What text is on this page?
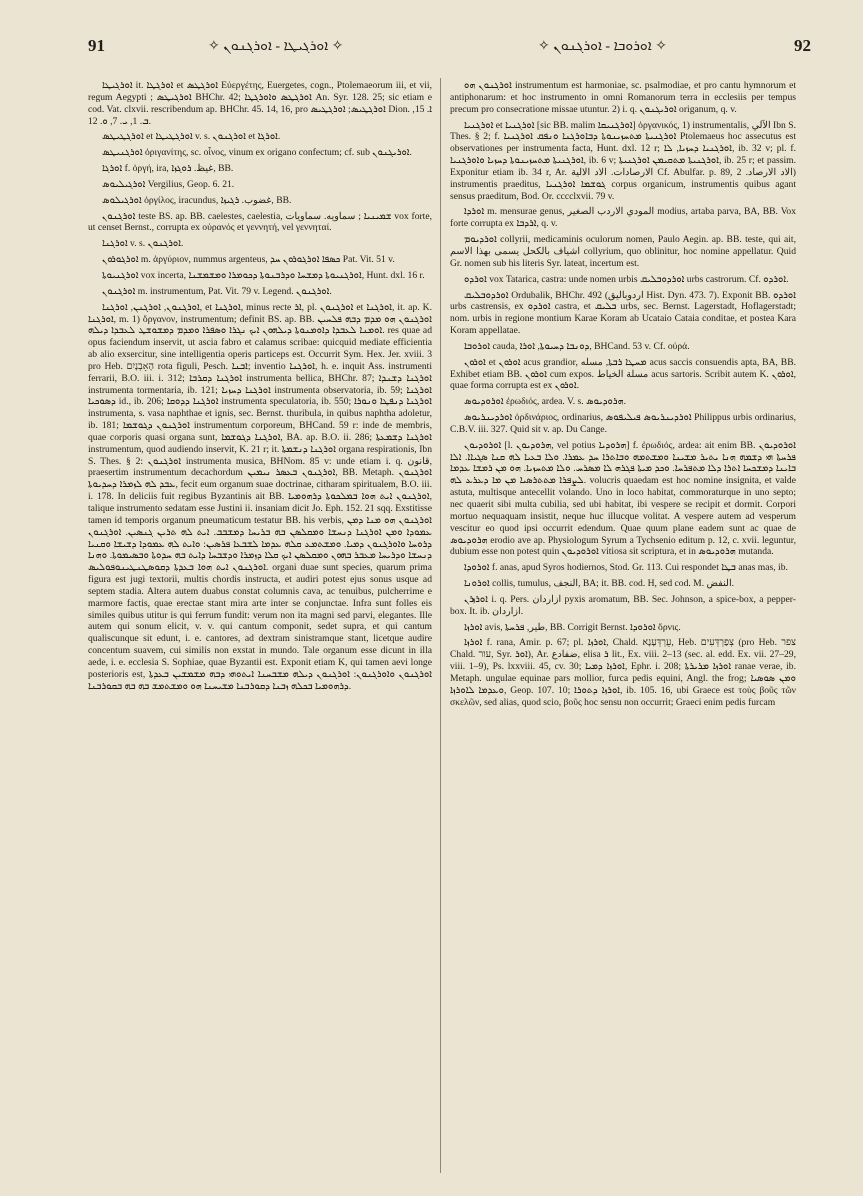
91	✧ ܐܘܪܓܝܛܐ - ܐܘܪܓܢܘܢ ✧	✧ ܐܘܪܘܒܐ - ܐܘܪܓܢܘܢ ✧	92

ܐܘܪܓܝܛܐ it. ܐܘܪܓܛܐ et ܐܘܪܓܛܣ Εὐεργέτης, Euergetes, cogn., Ptolemaeorum iii, et vii, regum Aegypti ; ܐܘܪܓܝܛܣ BHChr. 42; ܐܘܪܓܛܣ ܘܐܘܪܓܛܐ An. Syr. 128. 25; sic etiam e cod. Vat. clxvii. rescribendum ap. BHChr. 45. 14, 16, pro ܐܘܪܓܛܝܣ; ܐܘܪܓܛܝܣ Dion. ܐ. 15, ܒ. 1, ܝ. 7, ܘ. 12.

ܐܘܪܓܛܝܛܣ et ܐܘܪܓܛܝܛܐ v. s. ܐܘܪܓܢܘܢ et ܐܘܪܓܐ.

ܐܘܪܓܢܝܛܣ ὀριγανίτης, sc. οἶνος, vinum ex origano confectum; cf. sub ܐܘܪܝܓܢܘܢ.

ܐܘܪܓܐ f. ὀργή, ira, غيظ. ܪܘܓܙܐ, BB.

ܐܘܪܓܝܠܝܘܣ Vergilius, Geop. 6. 21.

ܐܘܪܓܝܠܘܣ ὀργίλος, iracundus, غضوب. ܪܓܝܙܐ, BB.

ܐܘܪܓܢܘܢ teste BS. ap. BB. caelestes, caelestia, ܫܡܝܢܝܐ ; سماويه. سماويات vox forte, ut censet Bernst., corrupta ex οὐρανός et γεννητή, vel γεννηταί.

ܐܘܪܓܢܐ v. s. ܐܘܪܓܢܘܢ.

ܐܘܪܓܘܪܘܢ m. ἀργύριον, nummus argenteus, ܟܣܦܐ ܐܘܪܓܘܪܘܢ ܚܕ Pat. Vit. 51 v.

ܐܘܪܓܢܝܘܬܐ vox incerta, ܐܘܪܓܢܝܘܬܐ ܕܡܫܚܐ ܘܕܪܒܢܘܬܐ ܕܟܘܡܪܐ ܘܡܫܡܫܢܐ, Hunt. dxl. 16 r.

ܐܘܪܓܢܘܢ m. instrumentum, Pat. Vit. 79 v. Legend. ܐܘܪܓܢܘܢ.

ܐܘܪܓܢܘܢ, ܐܘܪܓܢܢ, ܐܘܪܓܢܐ, et ܐܘܪܓܢܐ, minus recte ܐܪ, pl. ܐܘܪܓܢܘܢ et ܐܘܪܓܢܐ, it. ap. K. ܐܘܪܓܢܐ, m. 1) ὄργανον, instrumentum; definit BS. ap. BB. ܐܘܪܓܢܘܢ ܗܘ ܡܕܡ ܕܒܗ ܦܠܚܝܢ ܐܘܡܢܐ ܠܥܒܕܐ ܕܐܘܡܢܘܬܐ ܕܝܠܗܘܢ ܐܝܟ ܢܓܪܐ ܘܣܦܪܐ ܘܡܕܡ ܕܡܫܘܫܛ ܠܥܒܕܐ ܕܝܠܗ. res quae ad opus faciendum inservit, ut ascia fabro et calamus scribae: quicquid mediate efficientia ab alio exsercitur, sine intelligentia operis particeps est. Occurrit Sym. Hex. Jer. xviii. 3 pro Heb. הָאָבְנָיִם rota figuli, Pesch. ܐܒܢܐ; inventio ܐܘܪܓܢܐ, h. e. inquit Ass. instrumenti ferrarii, B.O. iii. i. 312; ܐܘܪܓܢܐ ܕܩܪܒܐ instrumenta bellica, BHChr. 87; ܐܘܪܓܢܐ ܕܫܢܕܐ instrumenta tormentaria, ib. 121; ܐܘܪܓܢܐ ܕܚܙܝܐ instrumenta observatoria, ib. 59; ܐܘܪܓܢܐ ܕܣܘܟܝܐ id., ib. 206; ܐܘܪܓܢܐ ܕܕܘܩܐ instrumenta speculatoria, ib. 550; ܐܘܪܓܢܐ ܕܢܦܛܐ ܘܢܘܪܐ instrumenta, s. vasa naphthae et ignis, sec. Bernst. thuribula, in quibus naphtha adoletur, ib. 181; ܐܘܪܓܢܘܢ ܕܓܘܫܡܐ instrumentum corporeum, BHCand. 59 r: inde de membris, quae corporis quasi organa sunt, ܐܘܪܓܢܐ ܕܓܘܫܡܐ, BA. ap. B.O. ii. 286; ܐܘܪܓܢܐ ܕܫܡܥܬܐ instrumentum, quod audiendo inservit, K. 21 r; it. ܐܘܪܓܢܐ ܕܢܫܡܬܐ organa respirationis, Ibn S. Thes. § 2: ܐܘܪܓܢܘܢ instrumenta musica, BHNom. 85 v: unde etiam i. q. قانون, praesertim instrumentum decachordum ܐܘܪܓܢܘܢ ܒܥܣܪ ܢܝܡܝܢ, BB. Metaph. ܐܘܪܓܢܘܢ ܥܒܕ ܠܗ ܠܙܡܪܐ ܕܚܕܝܘܬܐ, fecit eum organum suae doctrinae, citharam spiritualem, B.O. iii. i. 178. In deliciis fuit regibus Byzantinis ait BB. ܐܘܪܓܢܘܢ ܐܝܬ ܗܘܐ ܒܡܠܟܘܬܐ ܕܪܗܘܡܝܐ, talique instrumento sedatam esse Justini ii. insaniam dicit Jo. Eph. 152. 21 sqq. Exstitisse tamen id temporis organum pneumaticum testatur BB. his verbis, ܐܘܪܓܢܘܢ ܗܘ ܡܢܐ ܕܡܢ ܥܡܘܕܐ ܘܡܢ ܐܘܪܓܢܐ ܕܢܚܫܐ ܘܡܩܠܣܢ ܒܗ ܒܪܝܚܐ ܕܡܫܒܒ. ܐܝܬ ܠܗ ܬܪܝܢ ܓܢܣܝܢ. ܐܘܪܓܢܘܢ ܕܪܘܚܐ ܘܐܘܪܓܢܘܢ ܕܡܝܐ. ܘܡܫܬܡܥ ܩܠܗ ܥܕܡܐ ܠܫܒܥܐ ܦܪܣܝܢ: ܘܐܝܬ ܠܗ ܥܡܘܕܐ ܕܫܝܫܐ ܘܩܢܝܐ ܕܢܚܫܐ ܘܕܪܝܚܐ ܡܥܒܪ ܒܗܘܢ ܘܡܩܠܣܢ ܐܝܟ ܩܠܐ ܕܙܡܪܐ ܘܕܫܒܚܐ ܕܐܝܬ ܒܗ ܚܕܘܬܐ ܘܒܣܝܡܘܬܐ. ܘܗܢܐ ܐܘܪܓܢܘܢ ܐܝܬ ܗܘܐ ܒܥܕܬܐ ܕܩܘܣܛܢܛܝܢܘܦܘܠܝܣ. organi duae sunt species, quarum prima figura est jugi textorii, multis chordis instructa, et audiri potest ejus sonus usque ad septem stadia. Altera autem duabus constat columnis cava, ac tenuibus, pulcherrime e marmore factis, quae erectae stant mira arte inter se conjunctae. Infra sunt folles eis similes quibus utitur is qui ferrum fundit: verum non ita magni sed parvi, elegantes. Ille autem qui sonum elicit, v. v. qui cantum componit, sedet supra, et qui cantum qualiscunque sit edunt, i. e. cantores, ad dextram sinistramque stant, licetque audire concentum suavem, cui similis non exstat in mundo. Tale organum esse dicunt in illa aede, i. e. ecclesia S. Sophiae, quae Byzantii est. Exponit etiam K, qui tamen aevi longe posterioris est, ܐܘܪܓܢܘܢ ܘܐܘܪܓܢܘܢ: ܐܘܪܓܢܘܢ ܕܝܠܗ ܡܫܒܚܢܐ ܐܝܬܘܗܝ ܕܒܗ ܡܫܡܫܝܢ ܒܥܕܬܐ ܕܪܗܘܡܝܐ ܒܟܠܗ ܙܒܢܐ ܕܩܘܪܒܢܐ ܡܫܝܚܢܐ ܗܘ ܘܡܫܬܡܫ ܒܗ ܒܗ ܒܩܘܪܒܢܐ.

ܐܘܪܓܢܘܢ ܗܘ instrumentum est harmoniae, sc. psalmodiae, et pro cantu hymnorum et antiphonarum: et hoc instrumento in omni Romanorum terra in ecclesiis per tempus precum pro consecratione missae utuntur. 2) i. q. ܐܘܪܝܓܢܘܢ origanum, q. v.

ܐܘܪܓܢܝܐ et ܐܘܪܓܢܝܐ [sic BB. malim ܐܘܪܓܢܝܩܐ] ὀργανικός, 1) instrumentalis, الآلي Ibn S. Thes. § 2; f. ܐܘܪܓܢܝܬܐ ܡܬܚܙܝܢܘܬܐ ܕܒܐܘܪܓܢܐ ܘܢܦܩ ܐܘܪܓܢܝܐ Ptolemaeus hoc assecutus est observationes per instrumenta facta, Hunt. dxl. 12 r; ܐܘܪܓܢܝܐ ܕܚܙܝܐ, ܠܐ, ib. 32 v; pl. f. ܐܘܪܓܢܝܬܐ ܡܬܚܙܝܢܘܬܐ ܕܚܙܝܐ ܘܐܘܪܓܢܝܐ, ib. 6 v; ܐܘܪܓܢܝܬܐ ܡܬܩܝܡܢ ܐܘܪܓܢܝܬܐ, ib. 25 r; et passim. Exponitur etiam ib. 34 r, Ar. الارصادات. الاد الالية Cf. Abulfar. p. 89, الاد الارصاد. 2) instrumentis praeditus, ܓܘܫܡܐ ܐܘܪܓܢܝܐ corpus organicum, instrumentis quibus agant sensus praeditum, Bod. Or. cccclxvii. 79 v.

ܐܘܪܕܐ m. mensurae genus, المودي الاردب الصغير modius, artaba parva, BA, BB. Vox forte corrupta ex ܐܪܕܒܐ, q. v.

ܐܘܪܕܝܘܡ collyrii, medicaminis oculorum nomen, Paulo Aegin. ap. BB. teste, qui ait, اشياف بالكحل يسمى بهذا الاسم collyrium, quo oblinitur, hoc nomine appellatur. Quid Gr. nomen sub his literis Syr. lateat, incertum est.

ܐܘܪܕܘ vox Tatarica, castra: unde nomen urbis ܐܘܪܕܘܒܠܝܩ urbs castrorum. Cf. ܐܘܪܕܘ.

ܐܘܪܕܘܒܠܝܩ Ordubalik, BHChr. 492 (اردوباليق Hist. Dyn. 473. 7). Exponit BB. ܐܘܪܕܘ urbs castrensis, ex ܐܘܪܕܘ castra, et ܒܠܝܩ urbs, sec. Bernst. Lagerstadt, Hoflagerstadt; nom. urbis in regione montium Karae Koram ab Ucataio Cataia conditae, et postea Kara Koram appellatae.

ܐܘܪܘܒܐ cauda, ܕܘܢܒܐ ܕܚܝܘܬܐ, ܐܘܪܐ, BHCand. 53 v. Cf. οὐρά.

ܐܘܪܘܢ et ܐܘܪܘܢ acus grandior, ܡܚܛܐ ܪܒܬܐ, مسله acus saccis consuendis apta, BA, BB. Exhibet etiam BB. ܐܘܪܘܢ cum expos. مسلة الخياط acus sartoris. Scribit autem K. ܐܘܪܘܢ, quae forma corrupta est ex ܐܘܪܘܢ.

ܐܘܪܘܕܝܘܣ ἐρωδιός, ardea. V. s. ܗܪܘܕܝܘܣ.

ܐܘܪܕܝܢܪܝܘܣ ὀρδινάριος, ordinarius, ܐܘܪܕܝܢܪܝܘܣ ܦܝܠܝܦܘܣ Philippus urbis ordinarius, C.B.V. iii. 327. Quid sit v. ap. Du Cange.

ܐܘܪܘܕܝܘܢ [l. ܗܪܘܕܝܘܢ, vel potius ܗܪܘܕܝܐ] f. ἐρωδιός, ardea: ait enim BB. ܐܘܪܘܕܝܘܢ ܦܪܚܬܐ ܗܝ ܕܫܡܗ ܗܢܐ ܝܬܝܪ ܡܫܝܢܐ ܘܡܫܬܡܗ ܘܒܐܬܪܐ ܚܕ ܥܡܪܐ. ܘܠܐ ܒܥܝܐ ܠܗ ܩܢܐ ܣܓܝܐܐ. ܐܠܐ ܒܐܝܢܐ ܕܡܫܟܚܐ ܐܬܪܐ ܕܠܐ ܡܬܦܪܚܐ. ܘܟܕ ܡܝܬܐ ܦܓܪܗ ܠܐ ܡܣܪܚ. ܘܠܐ ܡܬܚܙܝܐ. ܗܘ ܡܢ ܪܡܫܐ ܥܕܡܐ ܠܨܦܪܐ ܡܬܬܪܣܝܐ ܡܢ ܡܐ ܕܥܪܥ ܠܗ. volucris quaedam est hoc nomine insignita, et valde astuta, multisque antecellit volando. Uno in loco habitat, commoraturque in uno septo; nec quaerit sibi multa cubilia, sed ubi habitat, ibi vespere se recipit et dormit. Corpori mortuo nequaquam insistit, neque huc illucque volitat. A vespere autem ad vesperum vescitur eo quod ipsi occurrit edendum. Quae quum plane eadem sunt ac quae de ܗܪܘܕܝܘܣ erodio ave ap. Physiologum Syrum a Tychsenio editum p. 12, c. xvii. leguntur, dubium esse non potest quin ܐܘܪܘܕܝܘܢ vitiosa sit scriptura, et in ܗܪܘܕܝܘܣ mutanda.

ܐܘܪܘܕܐ f. anas, apud Syros hodiernos, Stod. Gr. 113. Cui respondet ܒܛܐ anas mas, ib.

ܐܘܪܘܢܐ collis, tumulus, النجف, BA; it. BB. cod. H, sed cod. M. النفض.

ܐܘܪܙܪܢ i. q. Pers. ازاردان pyxis aromatum, BB. Sec. Johnson, a spice-box, a pepper-box. It. ib. ازاردان.

ܐܘܪܙܐ avis, طير, ܦܪܚܬܐ, BB. Corrigit Bernst. ܐܘܪܘܕܐ ὄρνις.

ܐܘܪܙܐ f. rana, Amir. p. 67; pl. ܐܘܪܙܐ, Chald. עֻרְדְּעָנָא, Heb. צְפַרְדְּעִים (pro Heb. צפר Chald. עור, Syr. ܐܘܪ), Ar. ضفادع, elisa ܪ lit., Ex. viii. 2–13 (sec. al. edd. Ex. vii. 27–29, viii. 1–9), Ps. lxxviii. 45, cv. 30; ܐܘܪܙܐ ܕܡܝܐ, Ephr. i. 208; ܐܘܪܙܐ ܡܪܝܪܬܐ ranae verae, ib. Metaph. ungulae equinae pars mollior, furca pedis equini, Angl. the frog; ܘܡܢ ܣܘܣܝܐ ܘܥܕܡܐ ܠܐܘܪܙܐ, Geop. 107. 10; ܐܘܪܙܐ ܕܬܘܪܐ, ib. 105. 16, ubi Graece est τοὺς βοῦς τῶν σκελῶν, sed alias, quod scio, βοῦς hoc sensu non occurrit; Graeci enim pedis furcam
